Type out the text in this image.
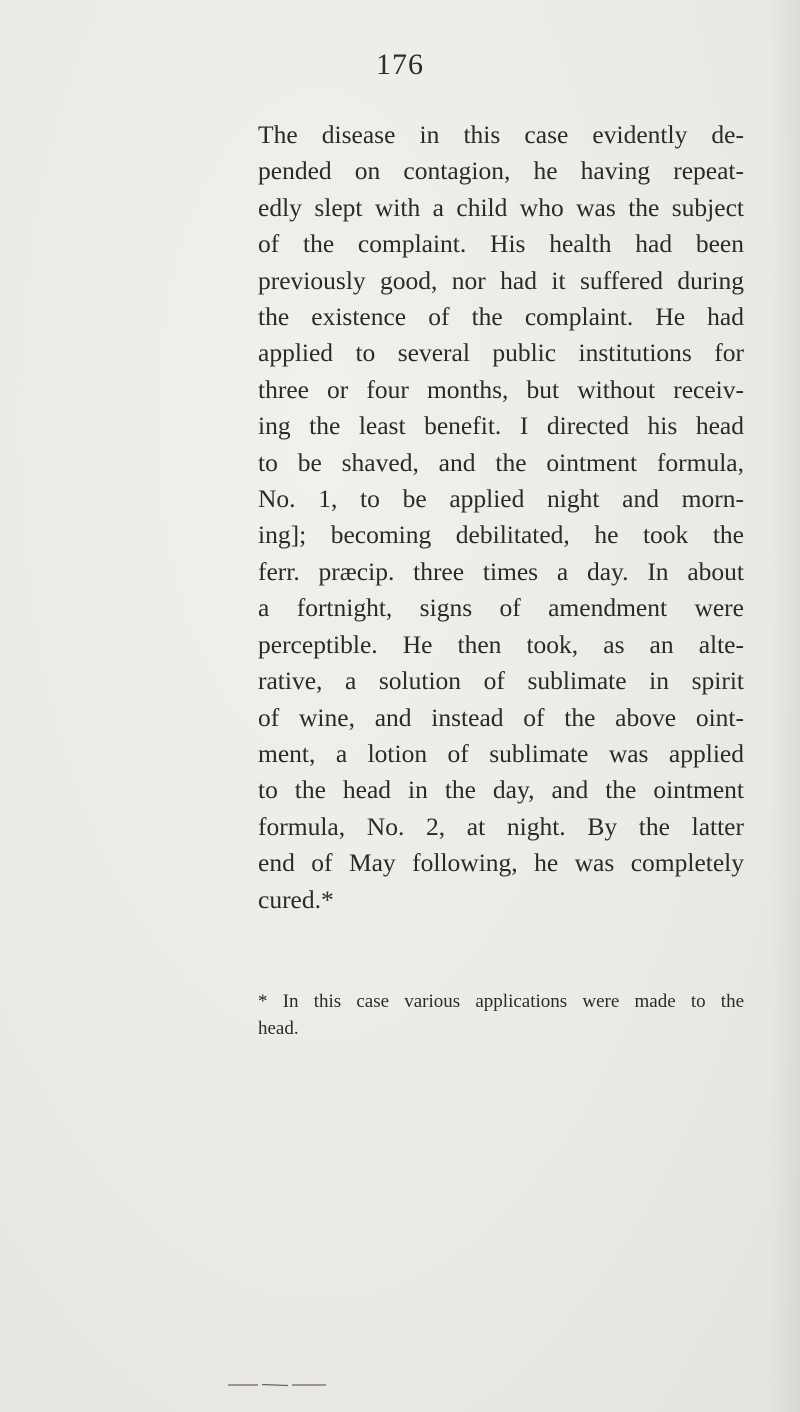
176
The disease in this case evidently de-
pended on contagion, he having repeat-
edly slept with a child who was the subject
of the complaint. His health had been
previously good, nor had it suffered during
the existence of the complaint. He had
applied to several public institutions for
three or four months, but without receiv-
ing the least benefit. I directed his head
to be shaved, and the ointment formula,
No. 1, to be applied night and morn-
ing]; becoming debilitated, he took the
ferr. præcip. three times a day. In about
a fortnight, signs of amendment were
perceptible. He then took, as an alte-
rative, a solution of sublimate in spirit
of wine, and instead of the above oint-
ment, a lotion of sublimate was applied
to the head in the day, and the ointment
formula, No. 2, at night. By the latter
end of May following, he was completely
cured.*
* In this case various applications were made to the
head.
